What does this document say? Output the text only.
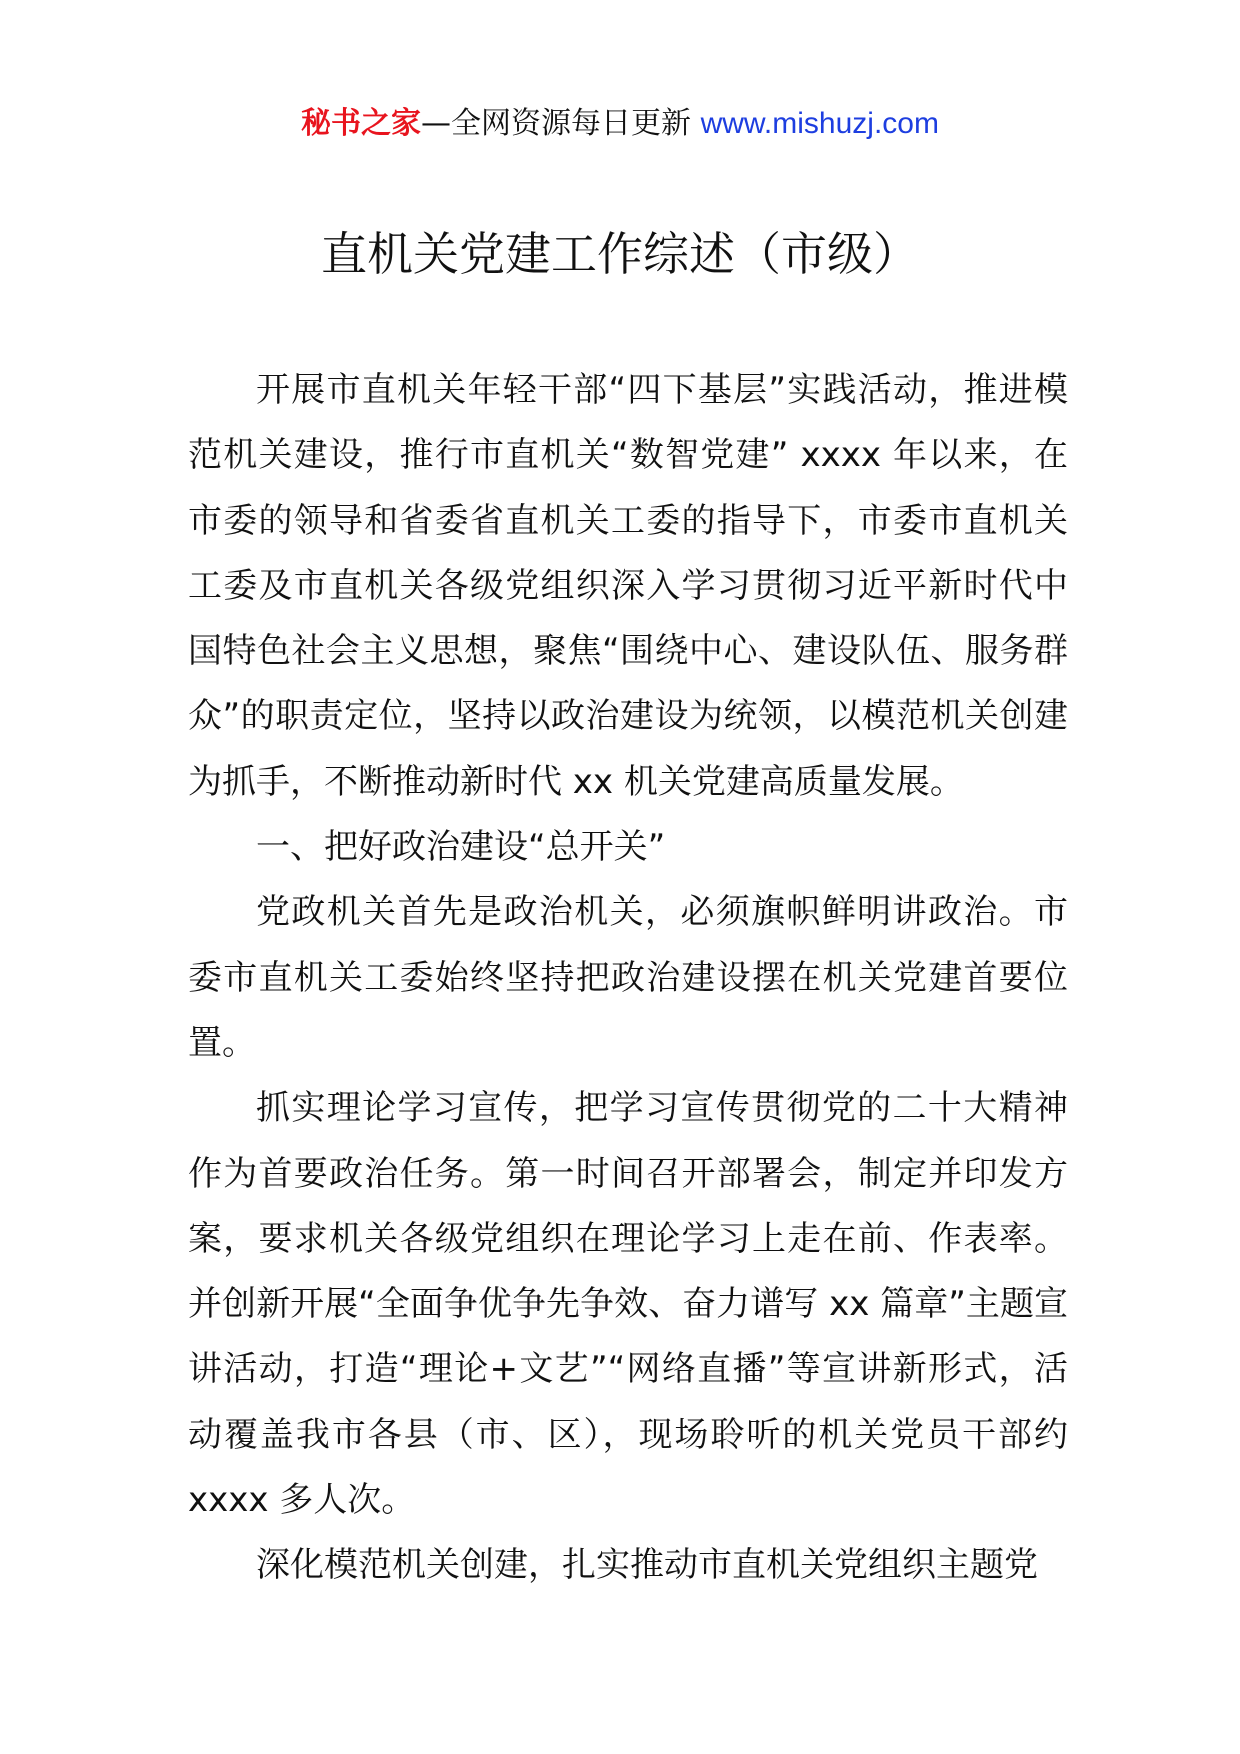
秘书之家—全网资源每日更新 www.mishuzj.com
直机关党建工作综述（市级）

开展市直机关年轻干部“四下基层”实践活动，推进模范机关建设，推行市直机关“数智党建” xxxx 年以来，在市委的领导和省委省直机关工委的指导下，市委市直机关工委及市直机关各级党组织深入学习贯彻习近平新时代中国特色社会主义思想，聚焦“围绕中心、建设队伍、服务群众”的职责定位，坚持以政治建设为统领，以模范机关创建为抓手，不断推动新时代 xx 机关党建高质量发展。

一、把好政治建设“总开关”

党政机关首先是政治机关，必须旗帜鲜明讲政治。市委市直机关工委始终坚持把政治建设摆在机关党建首要位置。

抓实理论学习宣传，把学习宣传贯彻党的二十大精神作为首要政治任务。第一时间召开部署会，制定并印发方案，要求机关各级党组织在理论学习上走在前、作表率。并创新开展“全面争优争先争效、奋力谱写 xx 篇章”主题宣讲活动，打造“理论+文艺”“网络直播”等宣讲新形式，活动覆盖我市各县（市、区），现场聆听的机关党员干部约 xxxx 多人次。

深化模范机关创建，扎实推动市直机关党组织主题党
